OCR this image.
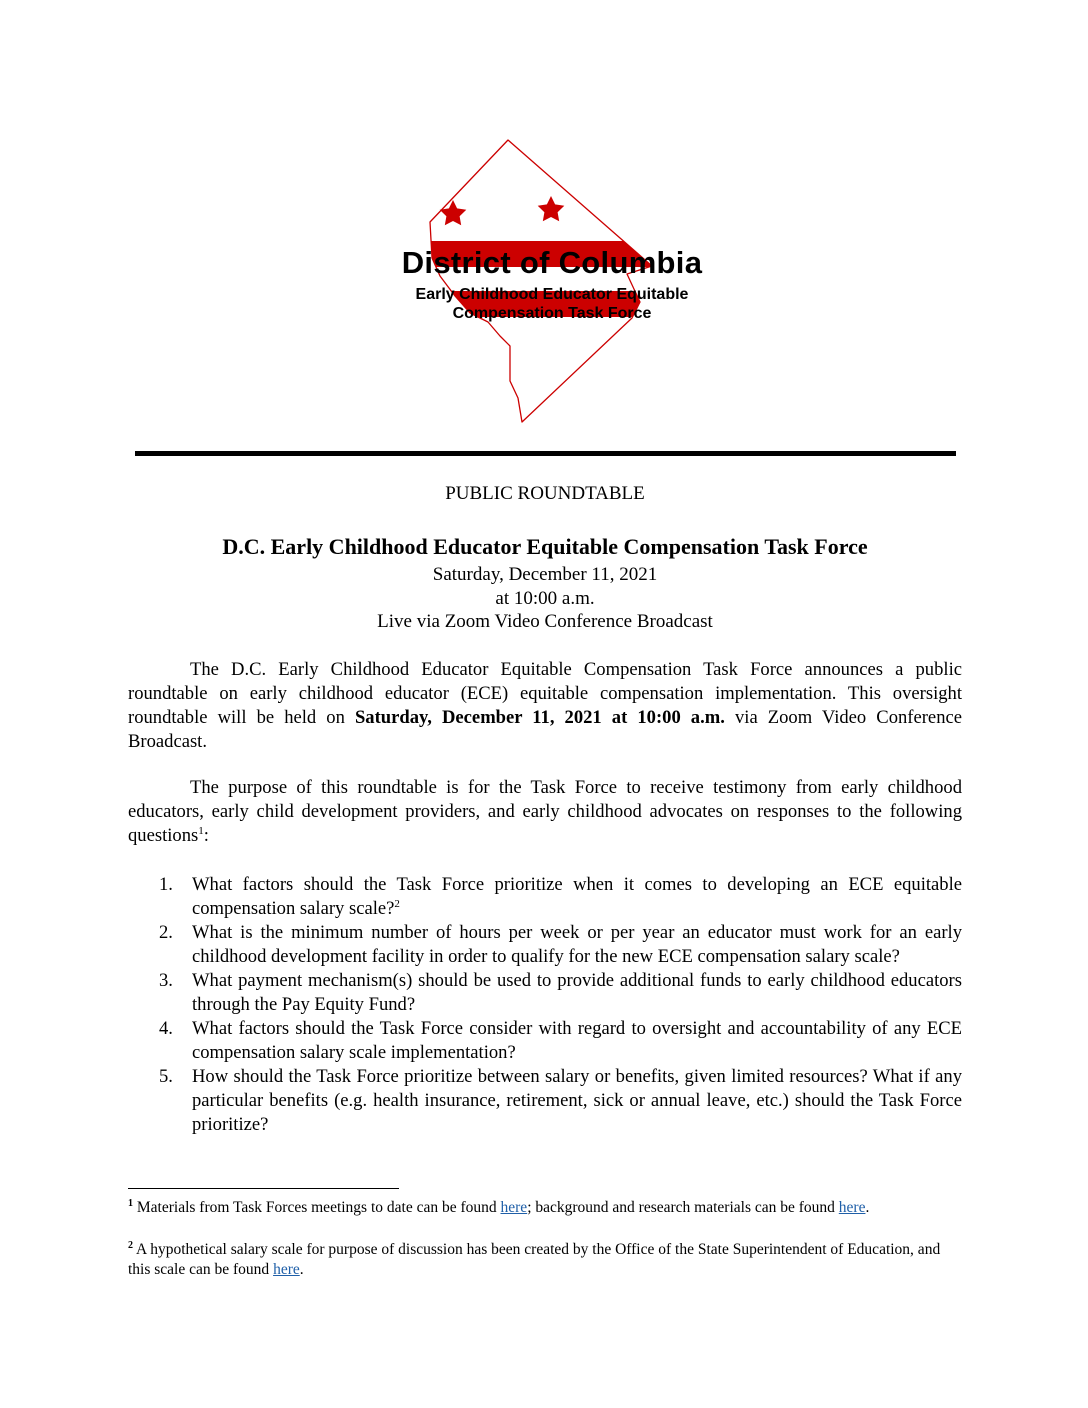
District of Columbia
Early Childhood Educator Equitable
Compensation Task Force
PUBLIC ROUNDTABLE
D.C. Early Childhood Educator Equitable Compensation Task Force
Saturday, December 11, 2021
at 10:00 a.m.
Live via Zoom Video Conference Broadcast

The D.C. Early Childhood Educator Equitable Compensation Task Force announces a public roundtable on early childhood educator (ECE) equitable compensation implementation. This oversight roundtable will be held on Saturday, December 11, 2021 at 10:00 a.m. via Zoom Video Conference Broadcast.

The purpose of this roundtable is for the Task Force to receive testimony from early childhood educators, early child development providers, and early childhood advocates on responses to the following questions$^1$:

1. What factors should the Task Force prioritize when it comes to developing an ECE equitable compensation salary scale?$^2$
2. What is the minimum number of hours per week or per year an educator must work for an early childhood development facility in order to qualify for the new ECE compensation salary scale?
3. What payment mechanism(s) should be used to provide additional funds to early childhood educators through the Pay Equity Fund?
4. What factors should the Task Force consider with regard to oversight and accountability of any ECE compensation salary scale implementation?
5. How should the Task Force prioritize between salary or benefits, given limited resources? What if any particular benefits (e.g. health insurance, retirement, sick or annual leave, etc.) should the Task Force prioritize?

$^1$ Materials from Task Forces meetings to date can be found here; background and research materials can be found here.

$^2$ A hypothetical salary scale for purpose of discussion has been created by the Office of the State Superintendent of Education, and this scale can be found here.
